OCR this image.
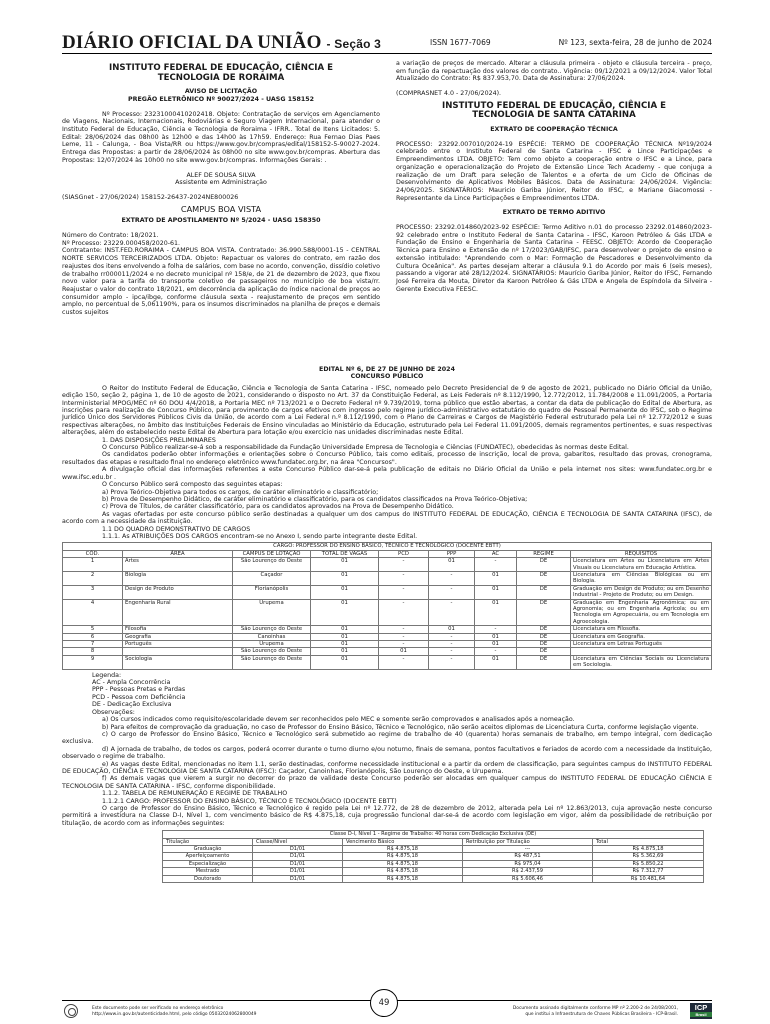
DIÁRIO OFICIAL DA UNIÃO - Seção 3	ISSN 1677-7069	Nº 123, sexta-feira, 28 de junho de 2024
INSTITUTO FEDERAL DE EDUCAÇÃO, CIÊNCIA E TECNOLOGIA DE RORAIMA

AVISO DE LICITAÇÃO

PREGÃO ELETRÔNICO Nº 90027/2024 - UASG 158152

Nº Processo: 23231000410202418. Objeto: Contratação de serviços em Agenciamento de Viagens, Nacionais, Internacionais, Rodoviárias e Seguro Viagem Internacional, para atender o Instituto Federal de Educação, Ciência e Tecnologia de Roraima - IFRR.. Total de Itens Licitados: 5. Edital: 28/06/2024 das 08h00 às 12h00 e das 14h00 às 17h59. Endereço: Rua Fernao Dias Paes Leme, 11 - Calunga, - Boa Vista/RR ou https://www.gov.br/compras/edital/158152-5-90027-2024. Entrega das Propostas: a partir de 28/06/2024 às 08h00 no site www.gov.br/compras. Abertura das Propostas: 12/07/2024 às 10h00 no site www.gov.br/compras. Informações Gerais: .

ALEF DE SOUSA SILVA

Assistente em Administração

(SIASGnet - 27/06/2024) 158152-26437-2024NE800026

CAMPUS BOA VISTA

EXTRATO DE APOSTILAMENTO Nº 5/2024 - UASG 158350

Número do Contrato: 18/2021.

Nº Processo: 23229.000458/2020-61.

Contratante: INST.FED.RORAIMA - CAMPUS BOA VISTA. Contratado: 36.990.588/0001-15 - CENTRAL NORTE SERVICOS TERCEIRIZADOS LTDA. Objeto: Repactuar os valores do contrato, em razão dos reajustes dos itens envolvendo a folha de salários, com base no acordo, convenção, dissídio coletivo de trabalho rr000011/2024 e no decreto municipal nº 158/e, de 21 de dezembro de 2023, que fixou novo valor para a tarifa do transporte coletivo de passageiros no município de boa vista/rr. Reajustar o valor do contrato 18/2021, em decorrência da aplicação do índice nacional de preços ao consumidor amplo - ipca/ibge, conforme cláusula sexta - reajustamento de preços em sentido amplo, no percentual de 5,061190%, para os insumos discriminados na planilha de preços e demais custos sujeitos

a variação de preços de mercado. Alterar a cláusula primeira - objeto e cláusula terceira - preço, em função da repactuação dos valores do contrato.. Vigência: 09/12/2021 a 09/12/2024. Valor Total Atualizado do Contrato: R$ 837.953,70. Data de Assinatura: 27/06/2024.

(COMPRASNET 4.0 - 27/06/2024).

INSTITUTO FEDERAL DE EDUCAÇÃO, CIÊNCIA E TECNOLOGIA DE SANTA CATARINA

EXTRATO DE COOPERAÇÃO TÉCNICA

PROCESSO: 23292.007010/2024-19 ESPÉCIE: TERMO DE COOPERAÇÃO TÉCNICA Nº19/2024 celebrado entre o Instituto Federal de Santa Catarina - IFSC e Lince Participações e Empreendimentos LTDA. OBJETO: Tem como objeto a cooperação entre o IFSC e a Lince, para organização e operacionalização do Projeto de Extensão Lince Tech Academy - que conjuga a realização de um Draft para seleção de Talentos e a oferta de um Ciclo de Oficinas de Desenvolvimento de Aplicativos Mobiles Básicos. Data de Assinatura: 24/06/2024. Vigência: 24/06/2025. SIGNATÁRIOS: Mauricio Gariba Júnior, Reitor do IFSC, e Mariane Giacomossi - Representante da Lince Participações e Empreendimentos LTDA.

EXTRATO DE TERMO ADITIVO

PROCESSO: 23292.014860/2023-92 ESPÉCIE: Termo Aditivo n.01 do processo 23292.014860/2023-92 celebrado entre o Instituto Federal de Santa Catarina - IFSC, Karoon Petróleo & Gás LTDA e Fundação de Ensino e Engenharia de Santa Catarina - FEESC. OBJETO: Acordo de Cooperação Técnica para Ensino e Extensão de nº 17/2023/GAB/IFSC, para desenvolver o projeto de ensino e extensão intitulado: "Aprendendo com o Mar: Formação de Pescadores e Desenvolvimento da Cultura Oceânica". As partes desejam alterar a cláusula 9.1 do Acordo por mais 6 (seis meses), passando a vigorar até 28/12/2024. SIGNATÁRIOS: Maurício Gariba Júnior, Reitor do IFSC, Fernando José Ferreira da Mouta, Diretor da Karoon Petróleo & Gás LTDA e Angela de Espíndola da Silveira - Gerente Executiva FEESC.

EDITAL Nº 6, DE 27 DE JUNHO DE 2024

CONCURSO PÚBLICO

O Reitor do Instituto Federal de Educação, Ciência e Tecnologia de Santa Catarina - IFSC, nomeado pelo Decreto Presidencial de 9 de agosto de 2021, publicado no Diário Oficial da União, edição 150, seção 2, página 1, de 10 de agosto de 2021, considerando o disposto no Art. 37 da Constituição Federal, as Leis Federais nº 8.112/1990, 12.772/2012, 11.784/2008 e 11.091/2005, a Portaria Interministerial MPOG/MEC nº 60 DOU 4/4/2018, a Portaria MEC nº 713/2021 e o Decreto Federal nº 9.739/2019, torna público que estão abertas, a contar da data de publicação do Edital de Abertura, as inscrições para realização de Concurso Público, para provimento de cargos efetivos com ingresso pelo regime jurídico-administrativo estatutário do quadro de Pessoal Permanente do IFSC, sob o Regime Jurídico Único dos Servidores Públicos Civis da União, de acordo com a Lei Federal n.º 8.112/1990, com o Plano de Carreiras e Cargos de Magistério Federal estruturado pela Lei nº 12.772/2012 e suas respectivas alterações, no âmbito das Instituições Federais de Ensino vinculadas ao Ministério da Educação, estruturado pela Lei Federal 11.091/2005, demais regramentos pertinentes, e suas respectivas alterações, além do estabelecido neste Edital de Abertura para lotação e/ou exercício nas unidades discriminadas neste Edital.

1. DAS DISPOSIÇÕES PRELIMINARES

O Concurso Público realizar-se-á sob a responsabilidade da Fundação Universidade Empresa de Tecnologia e Ciências (FUNDATEC), obedecidas às normas deste Edital.

Os candidatos poderão obter informações e orientações sobre o Concurso Público, tais como editais, processo de inscrição, local de prova, gabaritos, resultado das provas, cronograma, resultados das etapas e resultado final no endereço eletrônico www.fundatec.org.br, na área "Concursos".

A divulgação oficial das informações referentes a este Concurso Público dar-se-á pela publicação de editais no Diário Oficial da União e pela internet nos sites: www.fundatec.org.br e www.ifsc.edu.br .

O Concurso Público será composto das seguintes etapas:

a) Prova Teórico-Objetiva para todos os cargos, de caráter eliminatório e classificatório;

b) Prova de Desempenho Didático, de caráter eliminatório e classificatório, para os candidatos classificados na Prova Teórico-Objetiva;

c) Prova de Títulos, de caráter classificatório, para os candidatos aprovados na Prova de Desempenho Didático.

As vagas ofertadas por este concurso público serão destinadas a qualquer um dos campus do INSTITUTO FEDERAL DE EDUCAÇÃO, CIÊNCIA E TECNOLOGIA DE SANTA CATARINA (IFSC), de acordo com a necessidade da instituição.

1.1 DO QUADRO DEMONSTRATIVO DE CARGOS

1.1.1. As ATRIBUIÇÕES DOS CARGOS encontram-se no Anexo I, sendo parte integrante deste Edital.

CARGO: PROFESSOR DO ENSINO BÁSICO, TÉCNICO E TECNOLÓGICO (DOCENTE EBTT)								
CÓD.	ÁREA	CAMPUS DE LOTAÇÃO	TOTAL DE VAGAS	PCD	PPP	AC	REGIME	REQUISITOS
1	Artes	São Lourenço do Oeste	01	-	01	-	DE	Licenciatura em Artes ou Licenciatura em Artes Visuais ou Licenciatura em Educação Artística.
2	Biologia	Caçador	01	-	-	01	DE	Licenciatura em Ciências Biológicas ou em Biologia.
3	Design de Produto	Florianópolis	01	-	-	01	DE	Graduação em Design de Produto; ou em Desenho Industrial - Projeto de Produto; ou em Design.
4	Engenharia Rural	Urupema	01	-	-	01	DE	Graduação em Engenharia Agronômica; ou em Agronomia; ou em Engenharia Agrícola; ou em Tecnologia em Agropecuária, ou em Tecnologia em Agroecologia.
5	Filosofia	São Lourenço do Oeste	01	-	01	-	DE	Licenciatura em Filosofia.
6	Geografia	Canoinhas	01	-	-	01	DE	Licenciatura em Geografia.
7	Português	Urupema	01	-	-	01	DE	Licenciatura em Letras Português
8		São Lourenço do Oeste	01	01	-	-	DE	
9	Sociologia	São Lourenço do Oeste	01	-	-	01	DE	Licenciatura em Ciências Sociais ou Licenciatura em Sociologia.

Legenda:

AC - Ampla Concorrência

PPP - Pessoas Pretas e Pardas

PCD - Pessoa com Deficiência

DE - Dedicação Exclusiva

Observações:

a) Os cursos indicados como requisito/escolaridade devem ser reconhecidos pelo MEC e somente serão comprovados e analisados após a nomeação.

b) Para efeitos de comprovação da graduação, no caso de Professor do Ensino Básico, Técnico e Tecnológico, não serão aceitos diplomas de Licenciatura Curta, conforme legislação vigente.

c) O cargo de Professor do Ensino Básico, Técnico e Tecnológico será submetido ao regime de trabalho de 40 (quarenta) horas semanais de trabalho, em tempo integral, com dedicação exclusiva.

d) A jornada de trabalho, de todos os cargos, poderá ocorrer durante o turno diurno e/ou noturno, finais de semana, pontos facultativos e feriados de acordo com a necessidade da Instituição, observado o regime de trabalho.

e) As vagas deste Edital, mencionadas no item 1.1, serão destinadas, conforme necessidade institucional e a partir da ordem de classificação, para seguintes campus do INSTITUTO FEDERAL DE EDUCAÇÃO, CIÊNCIA E TECNOLOGIA DE SANTA CATARINA (IFSC): Caçador, Canoinhas, Florianópolis, São Lourenço do Oeste, e Urupema.

f) As demais vagas que vierem a surgir no decorrer do prazo de validade deste Concurso poderão ser alocadas em qualquer campus do INSTITUTO FEDERAL DE EDUCAÇÃO CIÊNCIA E TECNOLOGIA DE SANTA CATARINA - IFSC, conforme disponibilidade.

1.1.2. TABELA DE REMUNERAÇÃO E REGIME DE TRABALHO

1.1.2.1 CARGO: PROFESSOR DO ENSINO BÁSICO, TÉCNICO E TECNOLÓGICO (DOCENTE EBTT)

O cargo de Professor do Ensino Básico, Técnico e Tecnológico é regido pela Lei nº 12.772, de 28 de dezembro de 2012, alterada pela Lei nº 12.863/2013, cuja aprovação neste concurso permitirá a investidura na Classe D-I, Nível 1, com vencimento básico de R$ 4.875,18, cuja progressão funcional dar-se-á de acordo com legislação em vigor, além da possibilidade de retribuição por titulação, de acordo com as informações seguintes:

Classe D-I, Nível 1 - Regime de Trabalho: 40 horas com Dedicação Exclusiva (DE)				
Titulação	Classe/Nível	Vencimento Básico	Retribuição por Titulação	Total
Graduação	D1/01	R$ 4.875,18	---	R$ 4.875,18
Aperfeiçoamento	D1/01	R$ 4.875,18	R$ 487,51	R$ 5.362,69
Especialização	D1/01	R$ 4.875,18	R$ 975,04	R$ 5.850,22
Mestrado	D1/01	R$ 4.875,18	R$ 2.437,59	R$ 7.312,77
Doutorado	D1/01	R$ 4.875,18	R$ 5.606,46	R$ 10.481,64
Este documento pode ser verificado no endereço eletrônico
http://www.in.gov.br/autenticidade.html, pelo código 05032024062800049
49
Documento assinado digitalmente conforme MP nº 2.200-2 de 24/08/2001,
que institui a Infraestrutura de Chaves Públicas Brasileira - ICP-Brasil.
ICP
Brasil
